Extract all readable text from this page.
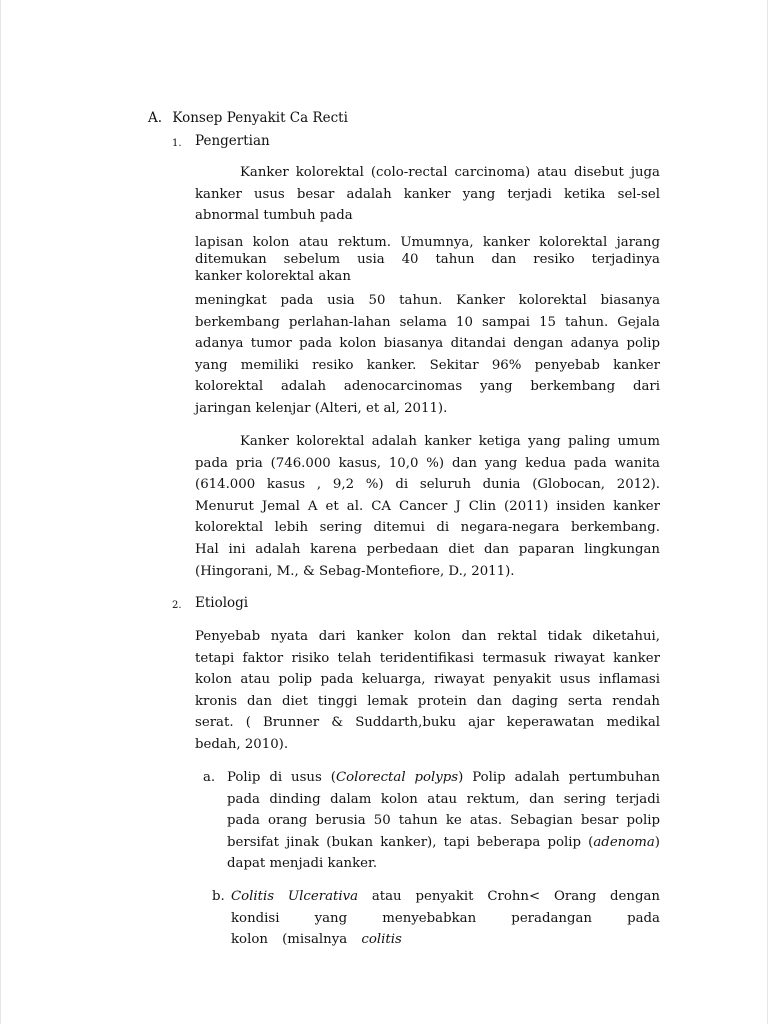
A. Konsep Penyakit Ca Recti
1. Pengertian

Kanker kolorektal (colo-rectal carcinoma) atau disebut juga

kanker usus besar adalah kanker yang terjadi ketika sel-sel

abnormal tumbuh pada

lapisan kolon atau rektum. Umumnya, kanker kolorektal jarang

ditemukan sebelum usia 40 tahun dan resiko terjadinya

kanker kolorektal akan

meningkat pada usia 50 tahun. Kanker kolorektal biasanya

berkembang perlahan-lahan selama 10 sampai 15 tahun. Gejala

adanya tumor pada kolon biasanya ditandai dengan adanya polip

yang memiliki resiko kanker. Sekitar 96% penyebab kanker

kolorektal adalah adenocarcinomas yang berkembang dari

jaringan kelenjar (Alteri, et al, 2011).

Kanker kolorektal adalah kanker ketiga yang paling umum

pada pria (746.000 kasus, 10,0 %) dan yang kedua pada wanita

(614.000 kasus , 9,2 %) di seluruh dunia (Globocan, 2012).

Menurut Jemal A et al. CA Cancer J Clin (2011) insiden kanker

kolorektal lebih sering ditemui di negara-negara berkembang.

Hal ini adalah karena perbedaan diet dan paparan lingkungan

(Hingorani, M., & Sebag-Montefiore, D., 2011).

2. Etiologi

Penyebab nyata dari kanker kolon dan rektal tidak diketahui,

tetapi faktor risiko telah teridentifikasi termasuk riwayat kanker

kolon atau polip pada keluarga, riwayat penyakit usus inflamasi

kronis dan diet tinggi lemak protein dan daging serta rendah

serat. ( Brunner & Suddarth,buku ajar keperawatan medikal

bedah, 2010).

a. Polip di usus (Colorectal polyps) Polip adalah pertumbuhan

pada dinding dalam kolon atau rektum, dan sering terjadi

pada orang berusia 50 tahun ke atas. Sebagian besar polip

bersifat jinak (bukan kanker), tapi beberapa polip (adenoma)

dapat menjadi kanker.

b. Colitis Ulcerativa atau penyakit Crohn< Orang dengan

kondisi yang menyebabkan peradangan pada

kolon (misalnya colitis
